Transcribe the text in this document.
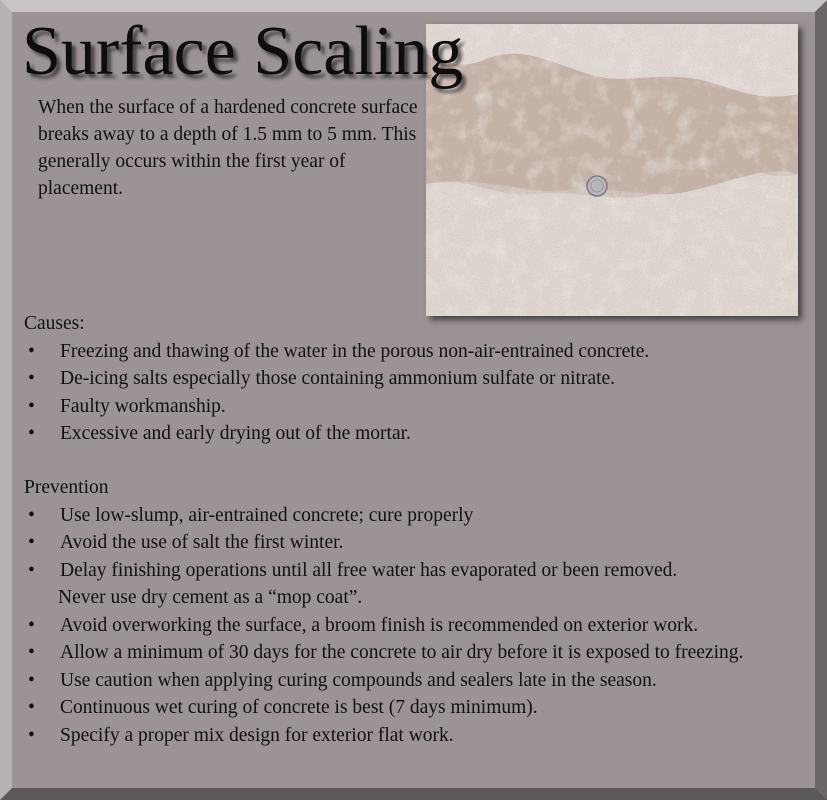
Surface Scaling

When the surface of a hardened concrete surface breaks away to a depth of 1.5 mm to 5 mm. This generally occurs within the first year of placement.

Causes:

• Freezing and thawing of the water in the porous non-air-entrained concrete.
• De-icing salts especially those containing ammonium sulfate or nitrate.
• Faulty workmanship.
• Excessive and early drying out of the mortar.

Prevention

• Use low-slump, air-entrained concrete; cure properly
• Avoid the use of salt the first winter.
• Delay finishing operations until all free water has evaporated or been removed.
Never use dry cement as a “mop coat”.
• Avoid overworking the surface, a broom finish is recommended on exterior work.
• Allow a minimum of 30 days for the concrete to air dry before it is exposed to freezing.
• Use caution when applying curing compounds and sealers late in the season.
• Continuous wet curing of concrete is best (7 days minimum).
• Specify a proper mix design for exterior flat work.
